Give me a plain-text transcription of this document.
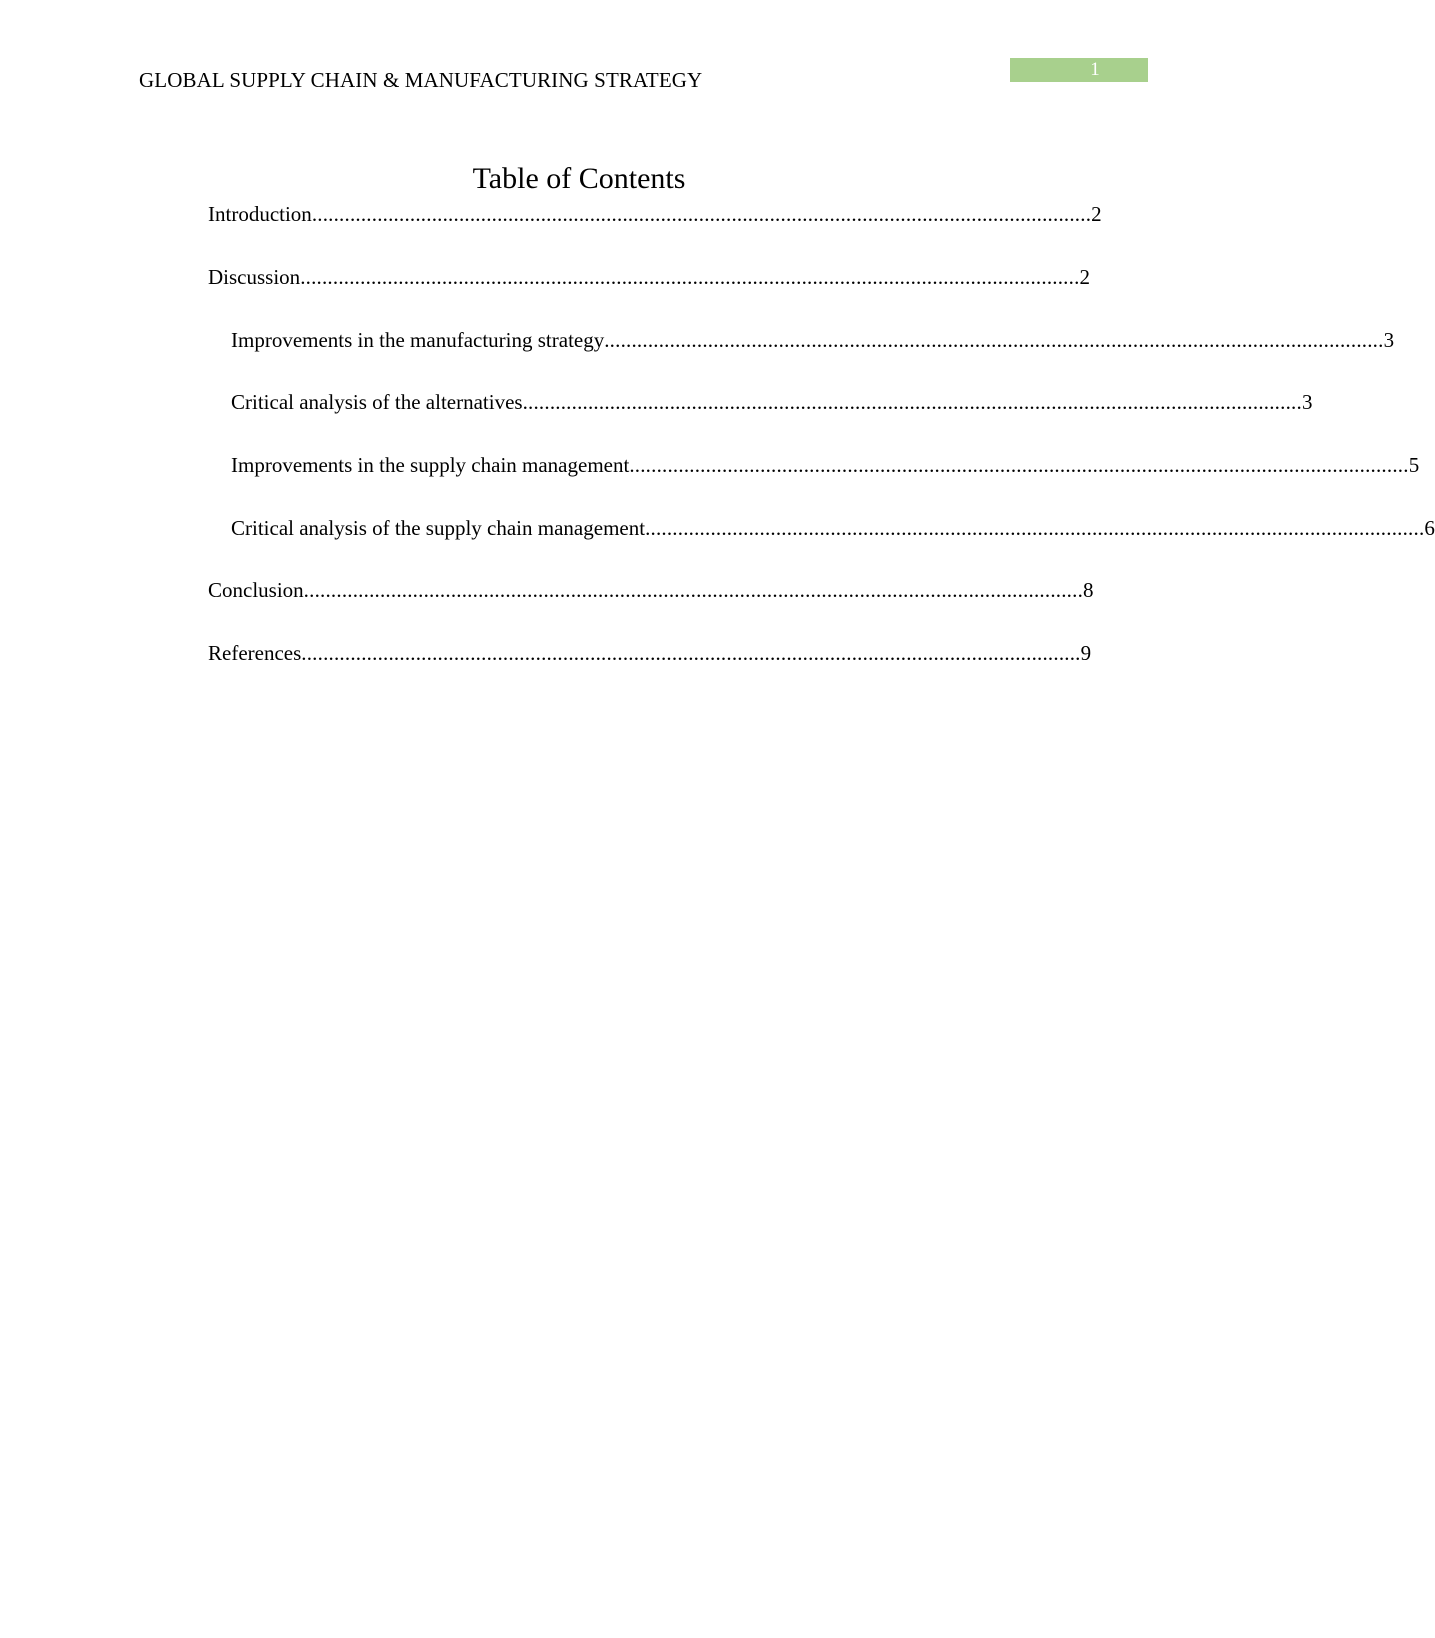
GLOBAL SUPPLY CHAIN & MANUFACTURING STRATEGY	1
Table of Contents
Introduction ............................................................................................................................................... 2
Discussion ............................................................................................................................................... 2
Improvements in the manufacturing strategy ............................................................................................................................................... 3
Critical analysis of the alternatives ............................................................................................................................................... 3
Improvements in the supply chain management ............................................................................................................................................... 5
Critical analysis of the supply chain management ............................................................................................................................................... 6
Conclusion ............................................................................................................................................... 8
References ............................................................................................................................................... 9
